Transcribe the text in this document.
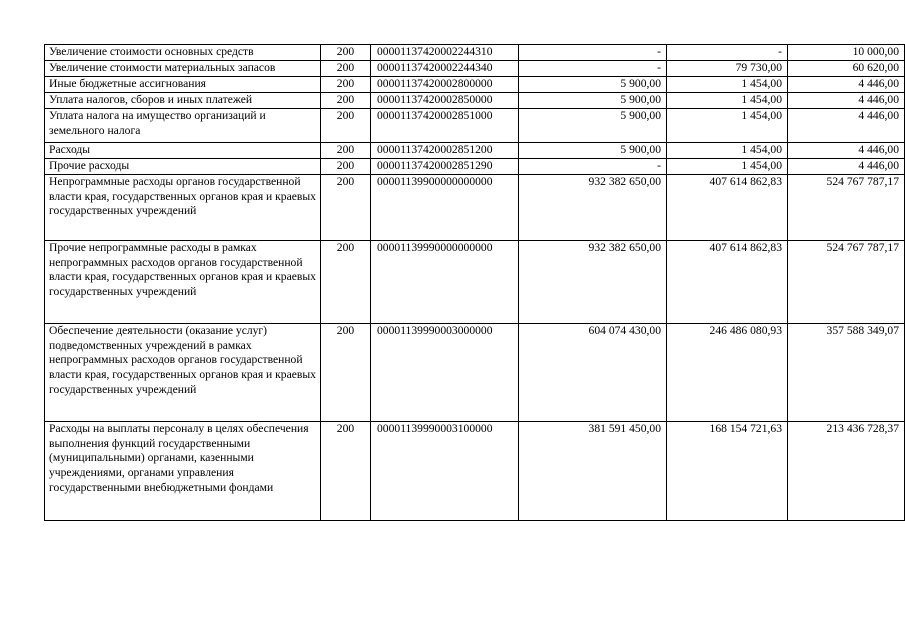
Увеличение стоимости основных средств	200	00001137420002244310	-	-	10 000,00
Увеличение стоимости материальных запасов	200	00001137420002244340	-	79 730,00	60 620,00
Иные бюджетные ассигнования	200	00001137420002800000	5 900,00	1 454,00	4 446,00
Уплата налогов, сборов и иных платежей	200	00001137420002850000	5 900,00	1 454,00	4 446,00
Уплата налога на имущество организаций и земельного налога	200	00001137420002851000	5 900,00	1 454,00	4 446,00
Расходы	200	00001137420002851200	5 900,00	1 454,00	4 446,00
Прочие расходы	200	00001137420002851290	-	1 454,00	4 446,00
Непрограммные расходы органов государственной власти края, государственных органов края и краевых государственных учреждений	200	00001139900000000000	932 382 650,00	407 614 862,83	524 767 787,17
Прочие непрограммные расходы в рамках непрограммных расходов органов государственной власти края, государственных органов края и краевых государственных учреждений	200	00001139990000000000	932 382 650,00	407 614 862,83	524 767 787,17
Обеспечение деятельности (оказание услуг) подведомственных учреждений в рамках непрограммных расходов органов государственной власти края, государственных органов края и краевых государственных учреждений	200	00001139990003000000	604 074 430,00	246 486 080,93	357 588 349,07
Расходы на выплаты персоналу в целях обеспечения выполнения функций государственными (муниципальными) органами, казенными учреждениями, органами управления государственными внебюджетными фондами	200	00001139990003100000	381 591 450,00	168 154 721,63	213 436 728,37
